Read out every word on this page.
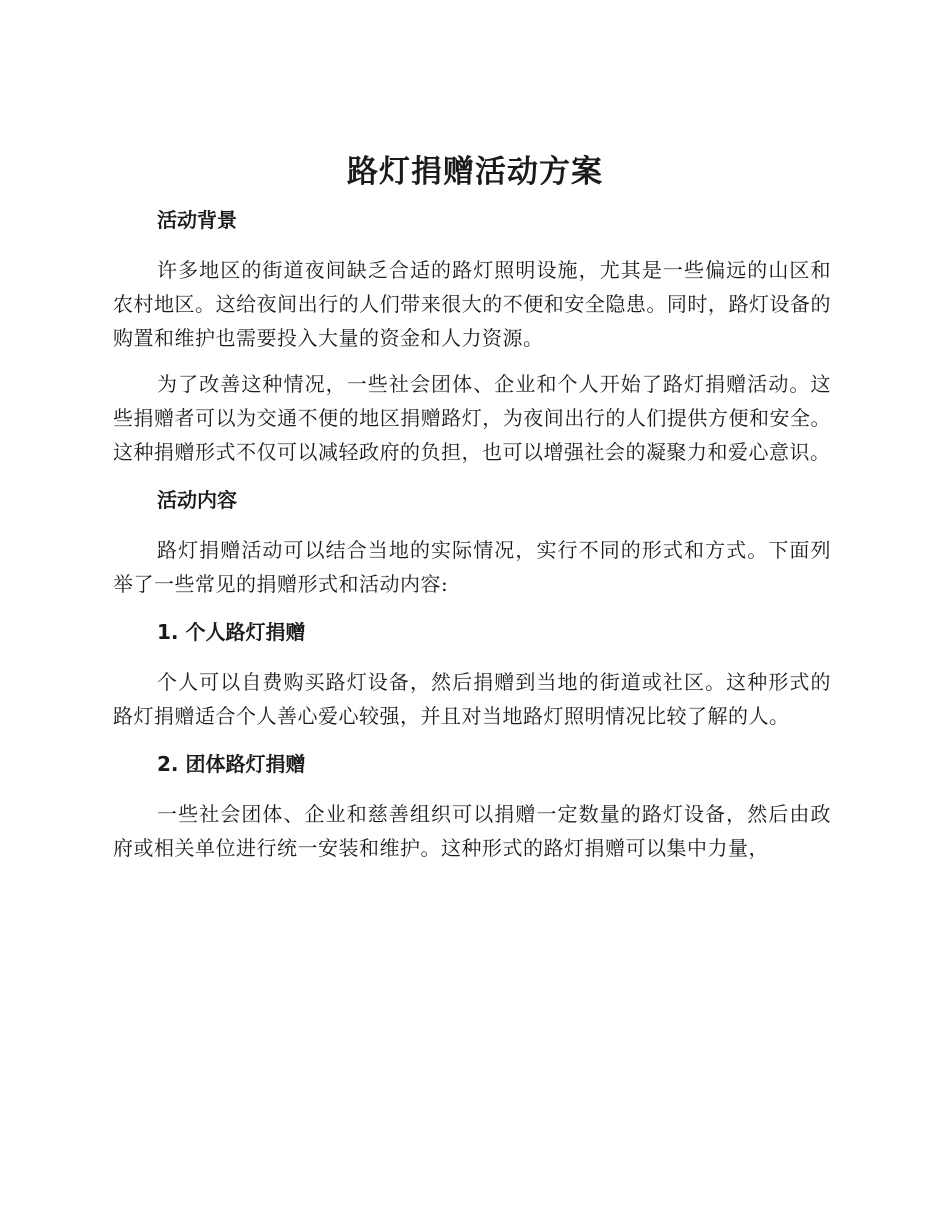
路灯捐赠活动方案
活动背景

许多地区的街道夜间缺乏合适的路灯照明设施，尤其是一些偏远的山区和农村地区。这给夜间出行的人们带来很大的不便和安全隐患。同时，路灯设备的购置和维护也需要投入大量的资金和人力资源。

为了改善这种情况，一些社会团体、企业和个人开始了路灯捐赠活动。这些捐赠者可以为交通不便的地区捐赠路灯，为夜间出行的人们提供方便和安全。这种捐赠形式不仅可以减轻政府的负担，也可以增强社会的凝聚力和爱心意识。

活动内容

路灯捐赠活动可以结合当地的实际情况，实行不同的形式和方式。下面列举了一些常见的捐赠形式和活动内容:

1. 个人路灯捐赠

个人可以自费购买路灯设备，然后捐赠到当地的街道或社区。这种形式的路灯捐赠适合个人善心爱心较强，并且对当地路灯照明情况比较了解的人。

2. 团体路灯捐赠

一些社会团体、企业和慈善组织可以捐赠一定数量的路灯设备，然后由政府或相关单位进行统一安装和维护。这种形式的路灯捐赠可以集中力量，
